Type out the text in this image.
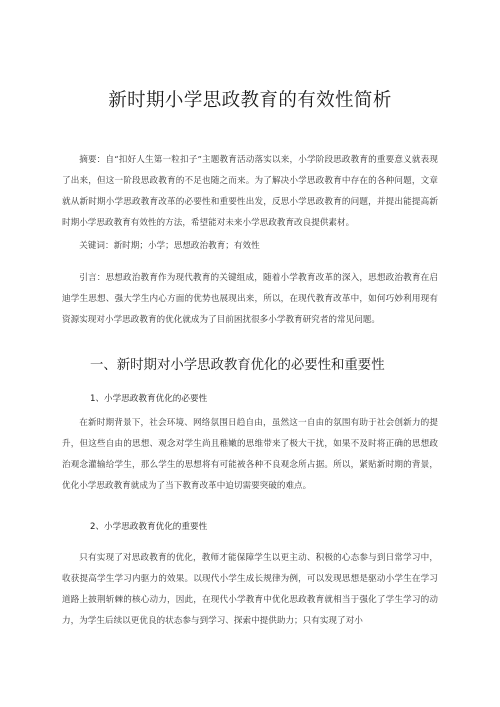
新时期小学思政教育的有效性简析
摘要：自“扣好人生第一粒扣子”主题教育活动落实以来，小学阶段思政教育的重要意义就表现了出来，但这一阶段思政教育的不足也随之而来。为了解决小学思政教育中存在的各种问题，文章就从新时期小学思政教育改革的必要性和重要性出发，反思小学思政教育的问题，并提出能提高新时期小学思政教育有效性的方法，希望能对未来小学思政教育改良提供素材。
关键词：新时期；小学；思想政治教育；有效性
引言：思想政治教育作为现代教育的关键组成，随着小学教育改革的深入，思想政治教育在启迪学生思想、强大学生内心方面的优势也展现出来，所以，在现代教育改革中，如何巧妙利用现有资源实现对小学思政教育的优化就成为了目前困扰很多小学教育研究者的常见问题。
一、新时期对小学思政教育优化的必要性和重要性
1、小学思政教育优化的必要性
在新时期背景下，社会环境、网络氛围日趋自由，虽然这一自由的氛围有助于社会创新力的提升，但这些自由的思想、观念对学生尚且稚嫩的思维带来了极大干扰，如果不及时将正确的思想政治观念灌输给学生，那么学生的思想将有可能被各种不良观念所占据。所以，紧贴新时期的背景，优化小学思政教育就成为了当下教育改革中迫切需要突破的难点。
2、小学思政教育优化的重要性
只有实现了对思政教育的优化，教师才能保障学生以更主动、积极的心态参与到日常学习中，收获提高学生学习内驱力的效果。以现代小学生成长规律为例，可以发现思想是驱动小学生在学习道路上披荆斩棘的核心动力，因此，在现代小学教育中优化思政教育就相当于强化了学生学习的动力，为学生后续以更优良的状态参与到学习、探索中提供助力；只有实现了对小
